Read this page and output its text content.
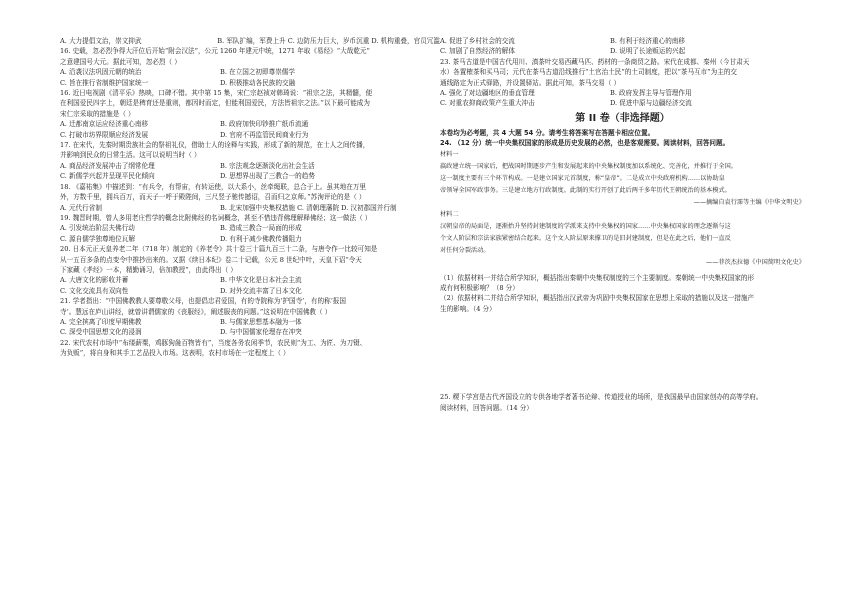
A. 大力提倡文治，崇文抑武	B. 军队扩编，军费上升 C. 边防压力巨大，岁币沉重 D. 机构重叠，官员冗滥
16. 史载，忽必烈争得大汗位后开始“附会汉法”，公元 1260 年建元中统，1271 年取《易经》“大哉乾元”
之意建国号大元。据此可知，忽必烈（ ）
A. 沿袭汉法巩固元朝的统治	B. 在立国之初即尊崇儒学
C. 旨在推行省制维护国家统一	D. 积极推动各民族的交融
16. 近日电视剧《清平乐》热映，口碑不错。其中第 15 集，宋仁宗赵祯对韩琦说：“祖宗之法，其精髓，便
在利国爱民四字上，朝廷是稗育还是重则，都因时而定，但能利国爱民，方法皆祖宗之法。”以下最可能成为
宋仁宗采取的措施是（ ）
A. 迁都南京运应经济重心南移	B. 政府加快印钞推广纸币流通
C. 打破市坊界限顺应经济发展	D. 官府不再监管民间商业行为
17. 在宋代，先秦时期贵族社会的祭祖礼仪，借助士人的诠释与实践，形成了新的规范，在士人之间传播，
并影响到民众的日常生活。这可以说明当时（ ）
A. 商品经济发展冲击了纲常伦理	B. 宗法观念逐渐淡化出社会生活
C. 新儒学兴起并呈现平民化倾向	D. 思想界出现了三教合一的趋势
18. 《嘉祐集》中描述到：“有兵令，有帮宙，有转运使，以大系小，丝牵绳联，总合于上。虽其地在万里
外，方数千里，拥兵百万，而天子一呼于殿陛间，三尺竖子驰传撼诏，召而归之京师。”苏洵评论的是（ ）
A. 元代行省制	B. 北宋加强中央集权措施 C. 清朝理藩院 D. 汉初郡国并行制
19. 魏晋时期，曾人多用老庄哲学的概念比附佛经的名词概念，甚至不惜违背佛理解释佛经；这一做法（ ）
A. 引发统治阶层夫佛行动	B. 造成三教合一局面的形成
C. 源自儒学独尊地位瓦解	D. 有利于减少佛教传播阻力
20. 日本元正天皇养老二年（718 年）制定的《养老令》共十卷三十篇九百三十二条，与唐令作一比较可知是
从一五百多条的点变令中推抄出来的。又据《续日本纪》卷二十记载，公元 8 世纪中叶，天皇下诏“令天
下家藏《孝经》一本，精勤诵习，倍加教授”，由此得出（ ）
A. 大唐文化的影收并蓄	B. 中华文化是日本社会主流
C. 文化交流具有双向性	D. 对外交流丰富了日本文化
21. 学者指出：“中国佛教教人要尊敬父母，也提倡忠君爱国，有的寺院称为‘护国寺’，有的称‘报国
寺’。慧远在庐山讲经，就曾讲谓儒家的《丧服经》，阐述服丧的问题。”这说明在中国佛教（ ）
A. 完全摈离了印度早期佛教	B. 与儒家思想基本融为一体
C. 深受中国思想文化的浸润	D. 与中国儒家伦理存在冲突
22. 宋代农村市场中“布缕薪粟，鸡豚狗彘百物皆有”，当度各务农闲季节，农民则“为工、为匠、为刀镊、
为负贩”，将自身和其手工艺品投入市场。这表明，农村市场在一定程度上（ ）
A. 促进了乡村社会的交流	B. 有利于经济重心的南移
C. 加剧了自然经济的解体	D. 说明了长途贩运的兴起
23. 茶马古道是中国古代用川、滇茶叶交易西藏马匹、药材的一条商贸之路。宋代在成都、秦州（今甘肃天
水）各置榷茶和买马司；元代在茶马古道沿线推行“土官治土民”的土司制度，把以“茶马互市”为主的交
通线路定为正式驿路，并设置驿站。据此可知，茶马交易（ ）
A. 强化了对边疆地区的垂直管理	B. 政府发挥主导与管理作用
C. 对重农抑商政策产生重大冲击	D. 促进中原与边疆经济交流
第 II 卷（非选择题）
本卷均为必考题，共 4 大题 54 分。请考生将答案写在答题卡相应位置。
24. （12 分）统一中央集权国家的形成是历史发展的必然，也是客观需要。阅读材料，回答问题。
材料一
嬴政建立统一国家后，把战国时期逐步产生和发展起来的中央集权制度加以系统化、完善化，并推行于全国。
这一制度主要有三个环节构成。一是建立国家元首制度，称“皇帝”。二是成立中央政府机构……以协助皇
帝领导全国军政事务。三是建立地方行政制度。此制的实行开创了此后两千多年历代王朝统治的基本模式。
——摘编自袁行霈等主编《中华文明史》
材料二
汉朝皇帝的局面是，逐渐抬升坚持封建制度的学派来支持中央集权的国家……中央集权国家的理念逐渐与这
个文人阶层和宗法家族紧密结合起来。这个文人阶层原来撑卫的是旧封建制度，但是在此之后，他们一直反
对任何分裂活动。
——菲茨杰拉德《中国简明文化史》
（1）依据材料一并结合所学知识，概括指出秦朝中央集权制度的三个主要制度。秦朝统一中央集权国家的形
成有何积极影响？（8 分）
（2）依据材料二并结合所学知识，概括指出汉武帝为巩固中央集权国家在思想上采取的措施以及这一措施产
生的影响。（4 分）
25. 稷下学宫是古代齐国设立的专供各地学者著书论辩、传道授业的场所，是我国最早由国家创办的高等学府。
阅读材料，回答问题。（14 分）
